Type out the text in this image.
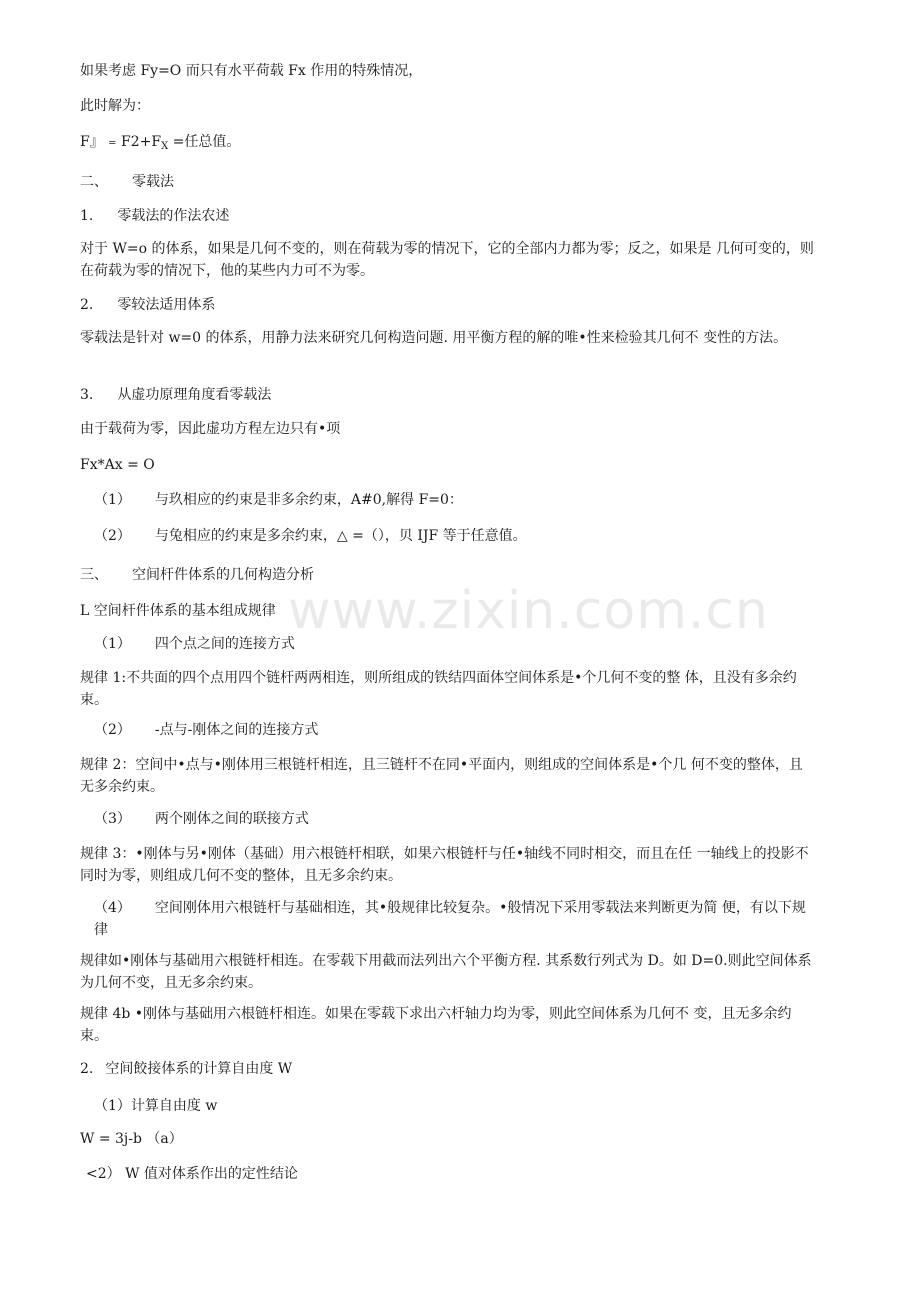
www.zixin.com.cn
如果考虑 Fy=O 而只有水平荷载 Fx 作用的特殊情况，
此时解为：
F』 = $F2+F_X$ =任总值。
二、 零载法
1. 零载法的作法农述
对于 W=o 的体系，如果是几何不变的，则在荷载为零的情况下，它的全部内力都为零；反之，如果是 几何可变的，则在荷载为零的情况下，他的某些内力可不为零。
2. 零较法适用体系
零载法是针对 w=0 的体系，用静力法来研究几何构造问题. 用平衡方程的解的唯•性来检验其几何不 变性的方法。
3. 从虚功原理角度看零载法
由于载荷为零，因此虚功方程左边只有•项
Fx*Ax = O
（1） 与玖相应的约束是非多余约束，A#0,解得 F=0：
（2） 与兔相应的约束是多余约束，△ =（），贝 IJF 等于任意值。
三、 空间杆件体系的几何构造分析
L 空间杆件体系的基本组成规律
（1） 四个点之间的连接方式
规律 1:不共面的四个点用四个链杆两两相连，则所组成的铁结四面体空间体系是•个几何不变的整 体，且没有多余约束。
（2） -点与-刚体之间的连接方式
规律 2：空间中•点与•刚体用三根链杆相连，且三链杆不在同•平面内，则组成的空间体系是•个几 何不变的整体，且无多余约束。
（3） 两个刚体之间的联接方式
规律 3：•刚体与另•刚体（基础）用六根链杆相联，如果六根链杆与任•轴线不同时相交，而且在任 一轴线上的投影不同时为零，则组成几何不变的整体，且无多余约束。
（4） 空间刚体用六根链杆与基础相连，其•般规律比较复杂。•般情况下采用零载法来判断更为简 便，有以下规律
规律如•刚体与基础用六根链杆相连。在零载下用截而法列出六个平衡方程. 其系数行列式为 D。如 D=0.则此空间体系为几何不变，且无多余约束。
规律 4b •刚体与基础用六根链杆相连。如果在零载下求出六杆轴力均为零，则此空间体系为几何不 变，且无多余约束。
2. 空间餃接体系的计算自由度 W
（1）计算自由度 w
W = 3j-b （a）
<2） W 值对体系作出的定性结论
